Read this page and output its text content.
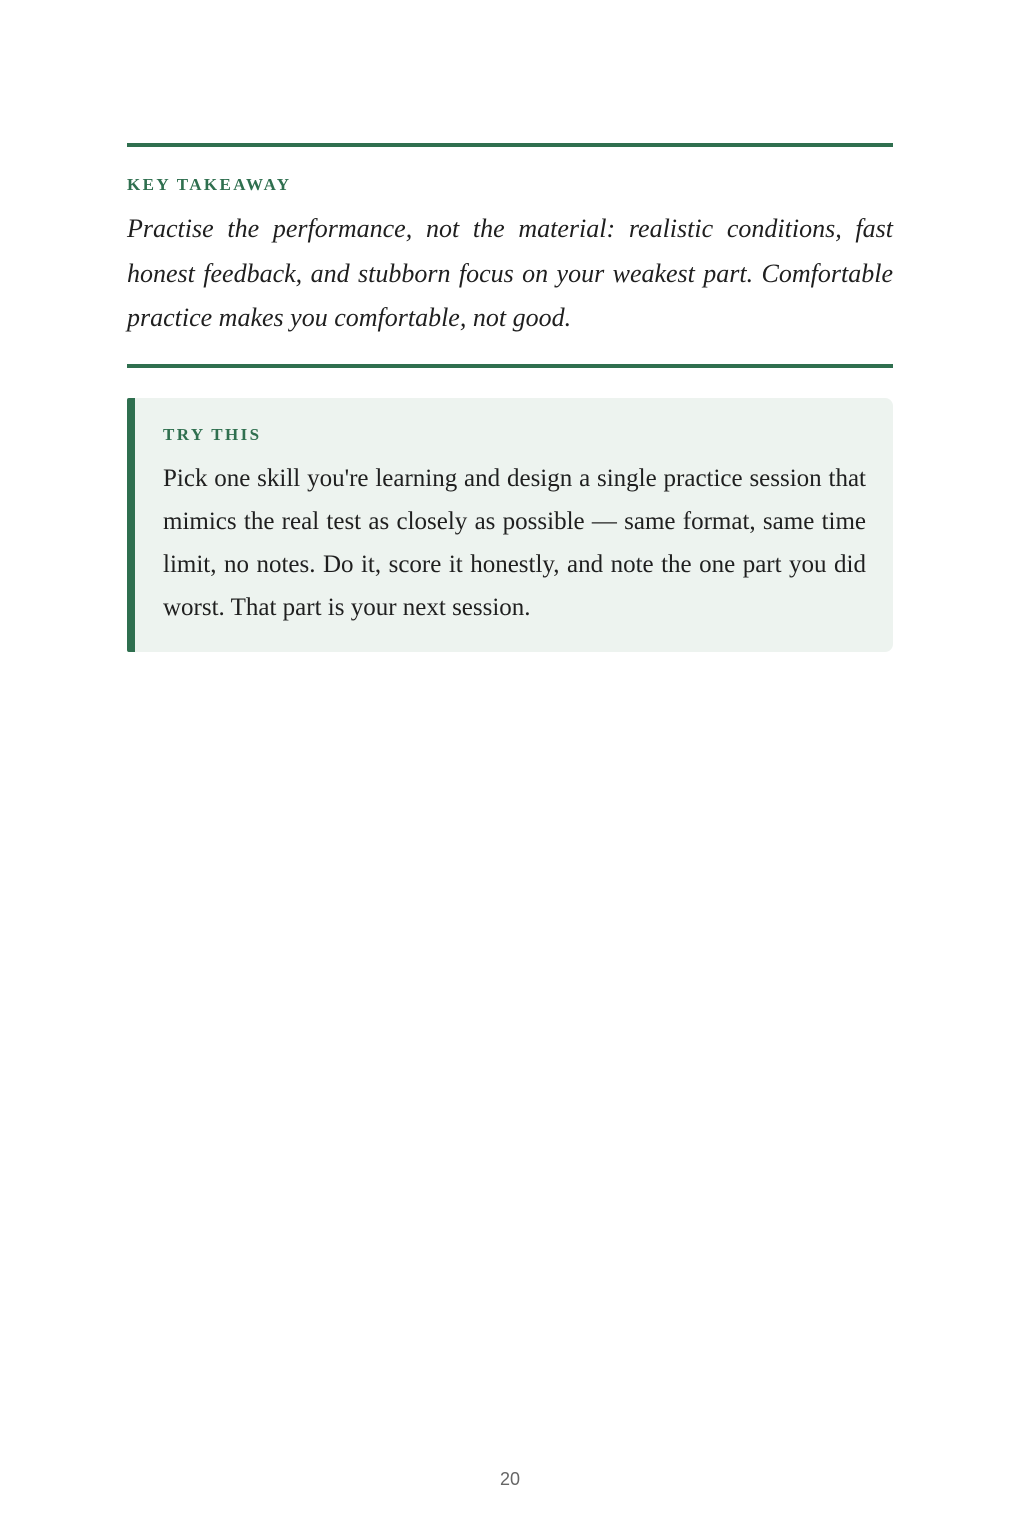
KEY TAKEAWAY

Practise the performance, not the material: realistic conditions, fast honest feedback, and stubborn focus on your weakest part. Comfortable practice makes you comfortable, not good.

TRY THIS

Pick one skill you're learning and design a single practice session that mimics the real test as closely as possible — same format, same time limit, no notes. Do it, score it honestly, and note the one part you did worst. That part is your next session.

20
